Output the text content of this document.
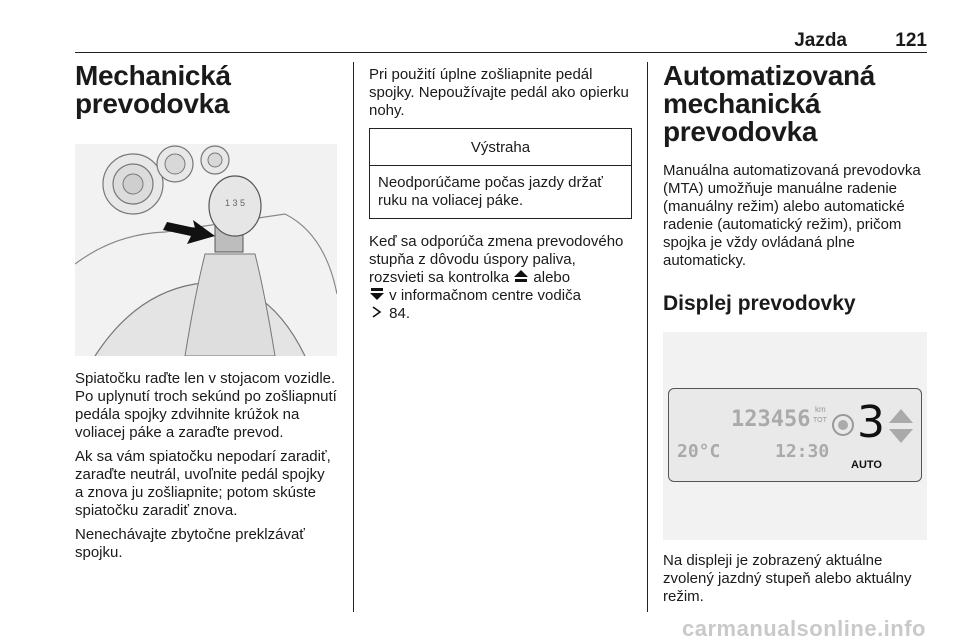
Jazda	121
Mechanická
prevodovka
1 3 5

Spiatočku raďte len v stojacom vozidle. Po uplynutí troch sekúnd po zošliapnutí pedála spojky zdvihnite krúžok na voliacej páke a zaraďte prevod.

Ak sa vám spiatočku nepodarí zaradiť, zaraďte neutrál, uvoľnite pedál spojky a znova ju zošliapnite; potom skúste spiatočku zaradiť znova.

Nenechávajte zbytočne preklzávať spojku.

Pri použití úplne zošliapnite pedál spojky. Nepoužívajte pedál ako opierku nohy.

Výstraha
Neodporúčame počas jazdy držať ruku na voliacej páke.

Keď sa odporúča zmena prevodového stupňa z dôvodu úspory paliva, rozsvieti sa kontrolka alebo
v informačnom centre vodiča
84.

Automatizovaná
mechanická
prevodovka

Manuálna automatizovaná prevodovka (MTA) umožňuje manuálne radenie (manuálny režim) alebo automatické radenie (automatický režim), pričom spojka je vždy ovládaná plne automaticky.

Displej prevodovky
123456 km
TOT
20°C	12:30
3
AUTO

Na displeji je zobrazený aktuálne zvolený jazdný stupeň alebo aktuálny režim.

carmanualsonline.info
